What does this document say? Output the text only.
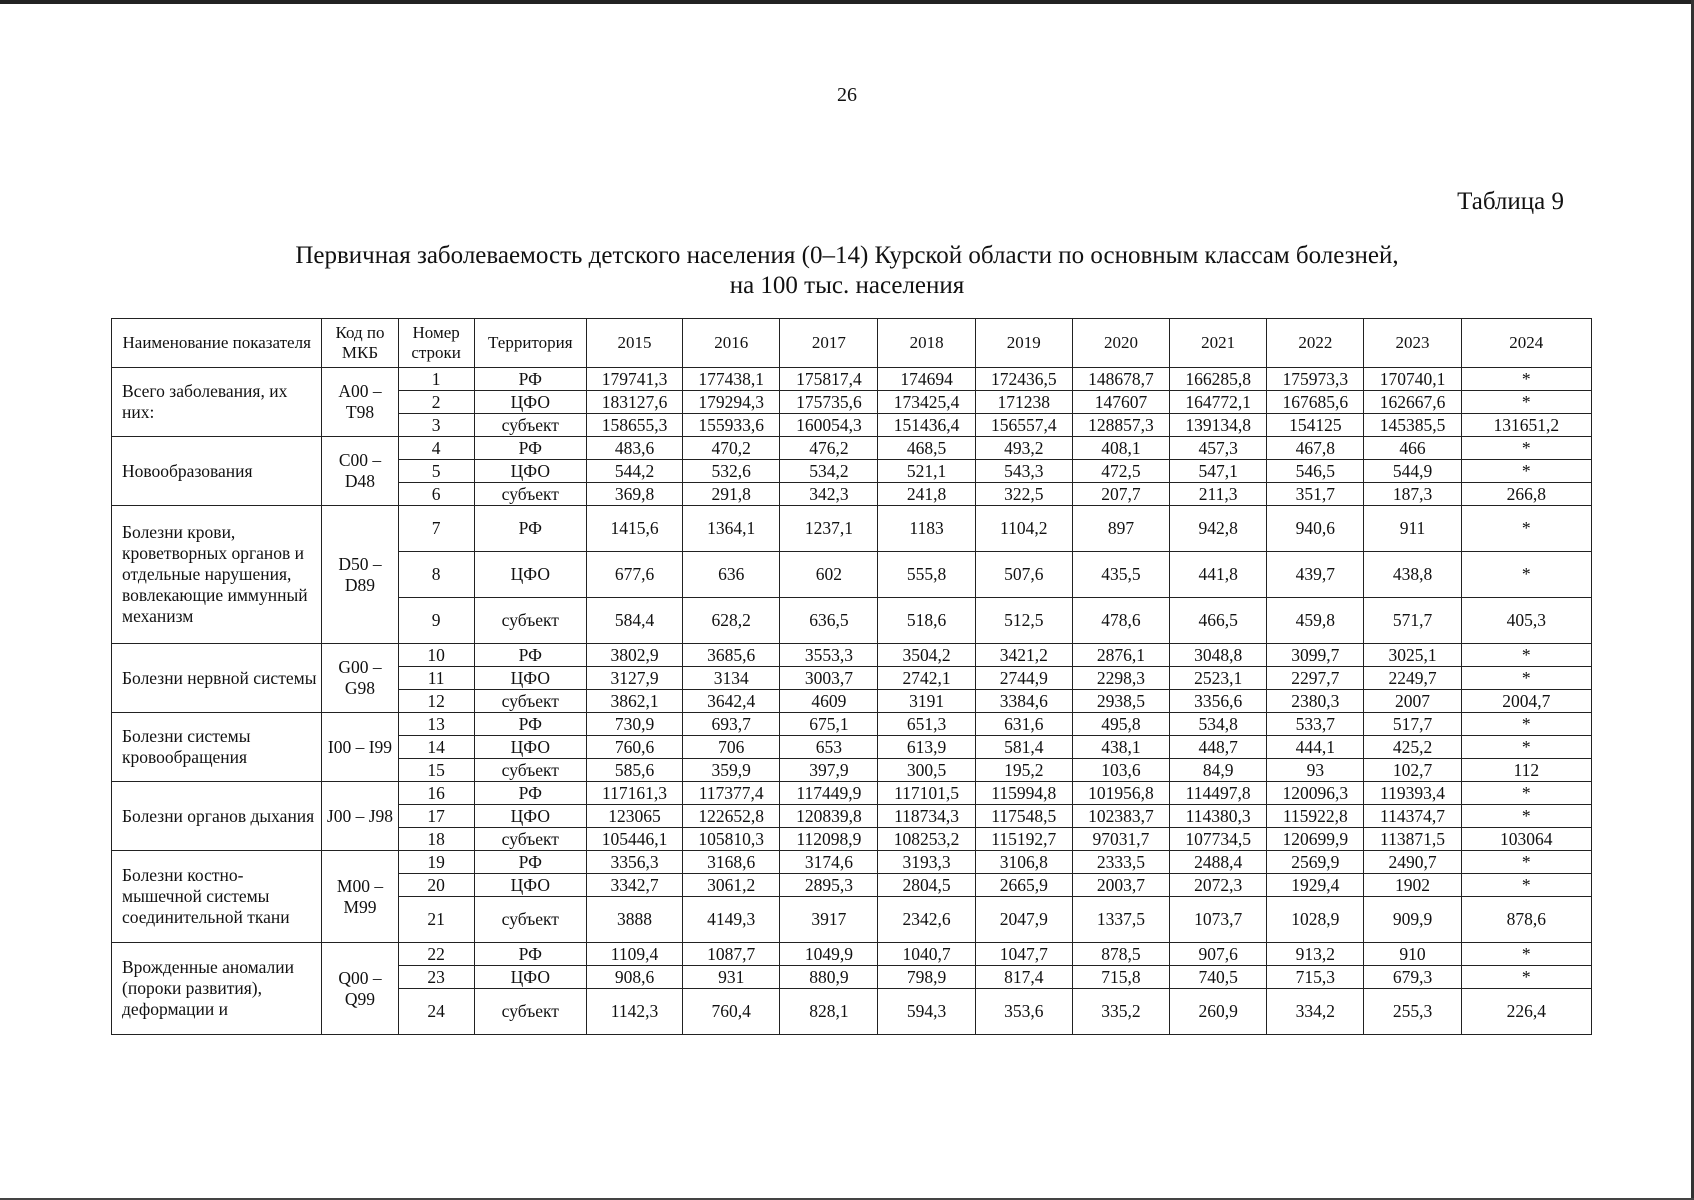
26
Таблица 9
Первичная заболеваемость детского населения (0–14) Курской области по основным классам болезней,
на 100 тыс. населения
Наименование показателя	Код по МКБ	Номер строки	Территория	2015	2016	2017	2018	2019	2020	2021	2022	2023	2024
Всего заболевания, их них:	А00 – Т98	1	РФ	179741,3	177438,1	175817,4	174694	172436,5	148678,7	166285,8	175973,3	170740,1	*
		2	ЦФО	183127,6	179294,3	175735,6	173425,4	171238	147607	164772,1	167685,6	162667,6	*
		3	субъект	158655,3	155933,6	160054,3	151436,4	156557,4	128857,3	139134,8	154125	145385,5	131651,2
Новообразования	С00 – D48	4	РФ	483,6	470,2	476,2	468,5	493,2	408,1	457,3	467,8	466	*
		5	ЦФО	544,2	532,6	534,2	521,1	543,3	472,5	547,1	546,5	544,9	*
		6	субъект	369,8	291,8	342,3	241,8	322,5	207,7	211,3	351,7	187,3	266,8
Болезни крови, кроветворных органов и отдельные нарушения, вовлекающие иммунный механизм	D50 – D89	7	РФ	1415,6	1364,1	1237,1	1183	1104,2	897	942,8	940,6	911	*
		8	ЦФО	677,6	636	602	555,8	507,6	435,5	441,8	439,7	438,8	*
		9	субъект	584,4	628,2	636,5	518,6	512,5	478,6	466,5	459,8	571,7	405,3
Болезни нервной системы	G00 – G98	10	РФ	3802,9	3685,6	3553,3	3504,2	3421,2	2876,1	3048,8	3099,7	3025,1	*
		11	ЦФО	3127,9	3134	3003,7	2742,1	2744,9	2298,3	2523,1	2297,7	2249,7	*
		12	субъект	3862,1	3642,4	4609	3191	3384,6	2938,5	3356,6	2380,3	2007	2004,7
Болезни системы кровообращения	I00 – I99	13	РФ	730,9	693,7	675,1	651,3	631,6	495,8	534,8	533,7	517,7	*
		14	ЦФО	760,6	706	653	613,9	581,4	438,1	448,7	444,1	425,2	*
		15	субъект	585,6	359,9	397,9	300,5	195,2	103,6	84,9	93	102,7	112
Болезни органов дыхания	J00 – J98	16	РФ	117161,3	117377,4	117449,9	117101,5	115994,8	101956,8	114497,8	120096,3	119393,4	*
		17	ЦФО	123065	122652,8	120839,8	118734,3	117548,5	102383,7	114380,3	115922,8	114374,7	*
		18	субъект	105446,1	105810,3	112098,9	108253,2	115192,7	97031,7	107734,5	120699,9	113871,5	103064
Болезни костно-мышечной системы соединительной ткани	М00 – М99	19	РФ	3356,3	3168,6	3174,6	3193,3	3106,8	2333,5	2488,4	2569,9	2490,7	*
		20	ЦФО	3342,7	3061,2	2895,3	2804,5	2665,9	2003,7	2072,3	1929,4	1902	*
		21	субъект	3888	4149,3	3917	2342,6	2047,9	1337,5	1073,7	1028,9	909,9	878,6
Врожденные аномалии (пороки развития), деформации и	Q00 – Q99	22	РФ	1109,4	1087,7	1049,9	1040,7	1047,7	878,5	907,6	913,2	910	*
		23	ЦФО	908,6	931	880,9	798,9	817,4	715,8	740,5	715,3	679,3	*
		24	субъект	1142,3	760,4	828,1	594,3	353,6	335,2	260,9	334,2	255,3	226,4
